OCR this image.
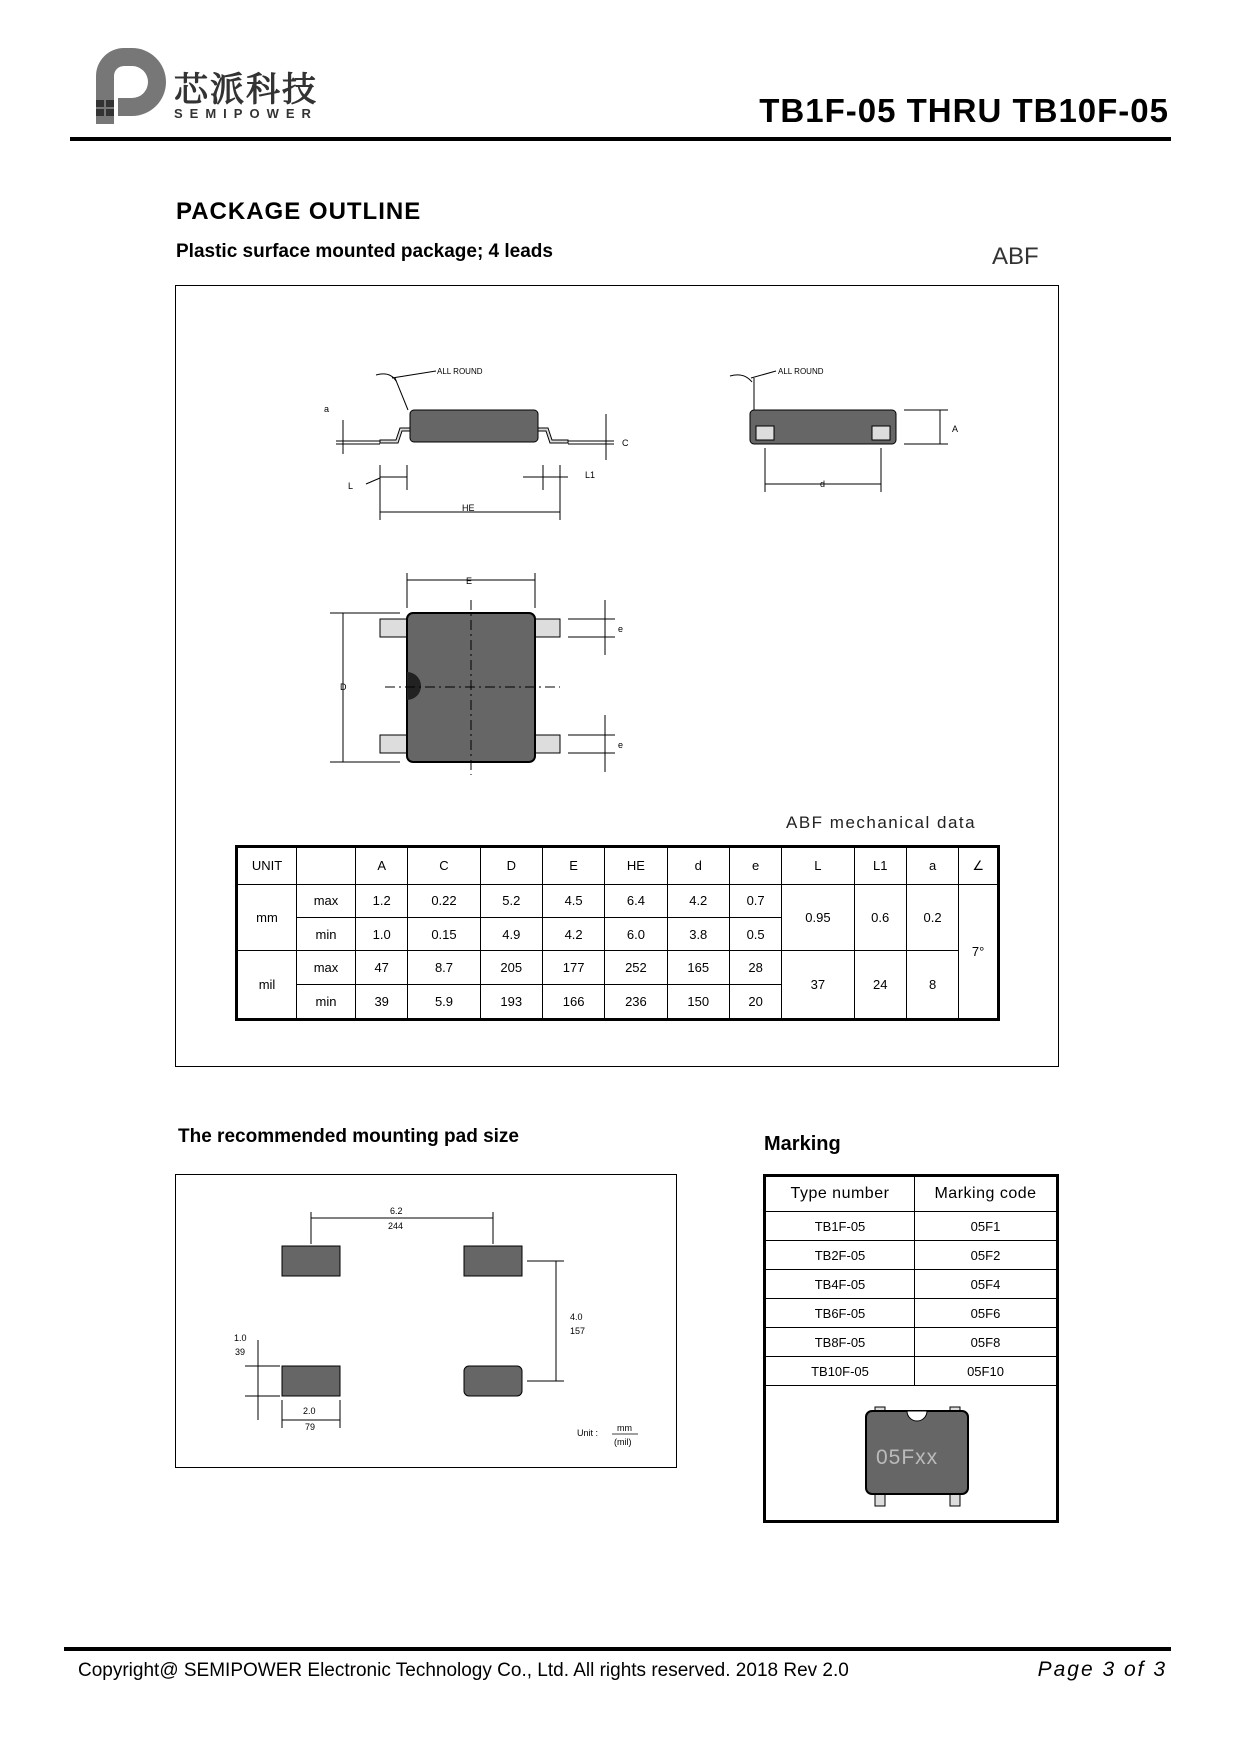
芯派科技
SEMIPOWER	TB1F-05 THRU TB10F-05
PACKAGE OUTLINE
Plastic surface mounted package; 4 leads	ABF
ALL ROUND
a
C
L
L1
HE
ALL ROUND
A
d
E
D
e
e
ABF mechanical data
UNIT		A	C	D	E	HE	d	e	L	L1	a	∠
mm	max	1.2	0.22	5.2	4.5	6.4	4.2	0.7	0.95	0.6	0.2	7°
	min	1.0	0.15	4.9	4.2	6.0	3.8	0.5				
mil	max	47	8.7	205	177	252	165	28	37	24	8	
	min	39	5.9	193	166	236	150	20				
The recommended mounting pad size
6.2
244
4.0
157
1.0
39
2.0
79
Unit : mm
(mil)
Marking
Type number	Marking code
TB1F-05	05F1
TB2F-05	05F2
TB4F-05	05F4
TB6F-05	05F6
TB8F-05	05F8
TB10F-05	05F10
05Fxx
Copyright@ SEMIPOWER Electronic Technology Co., Ltd. All rights reserved. 2018 Rev 2.0	Page 3 of 3
